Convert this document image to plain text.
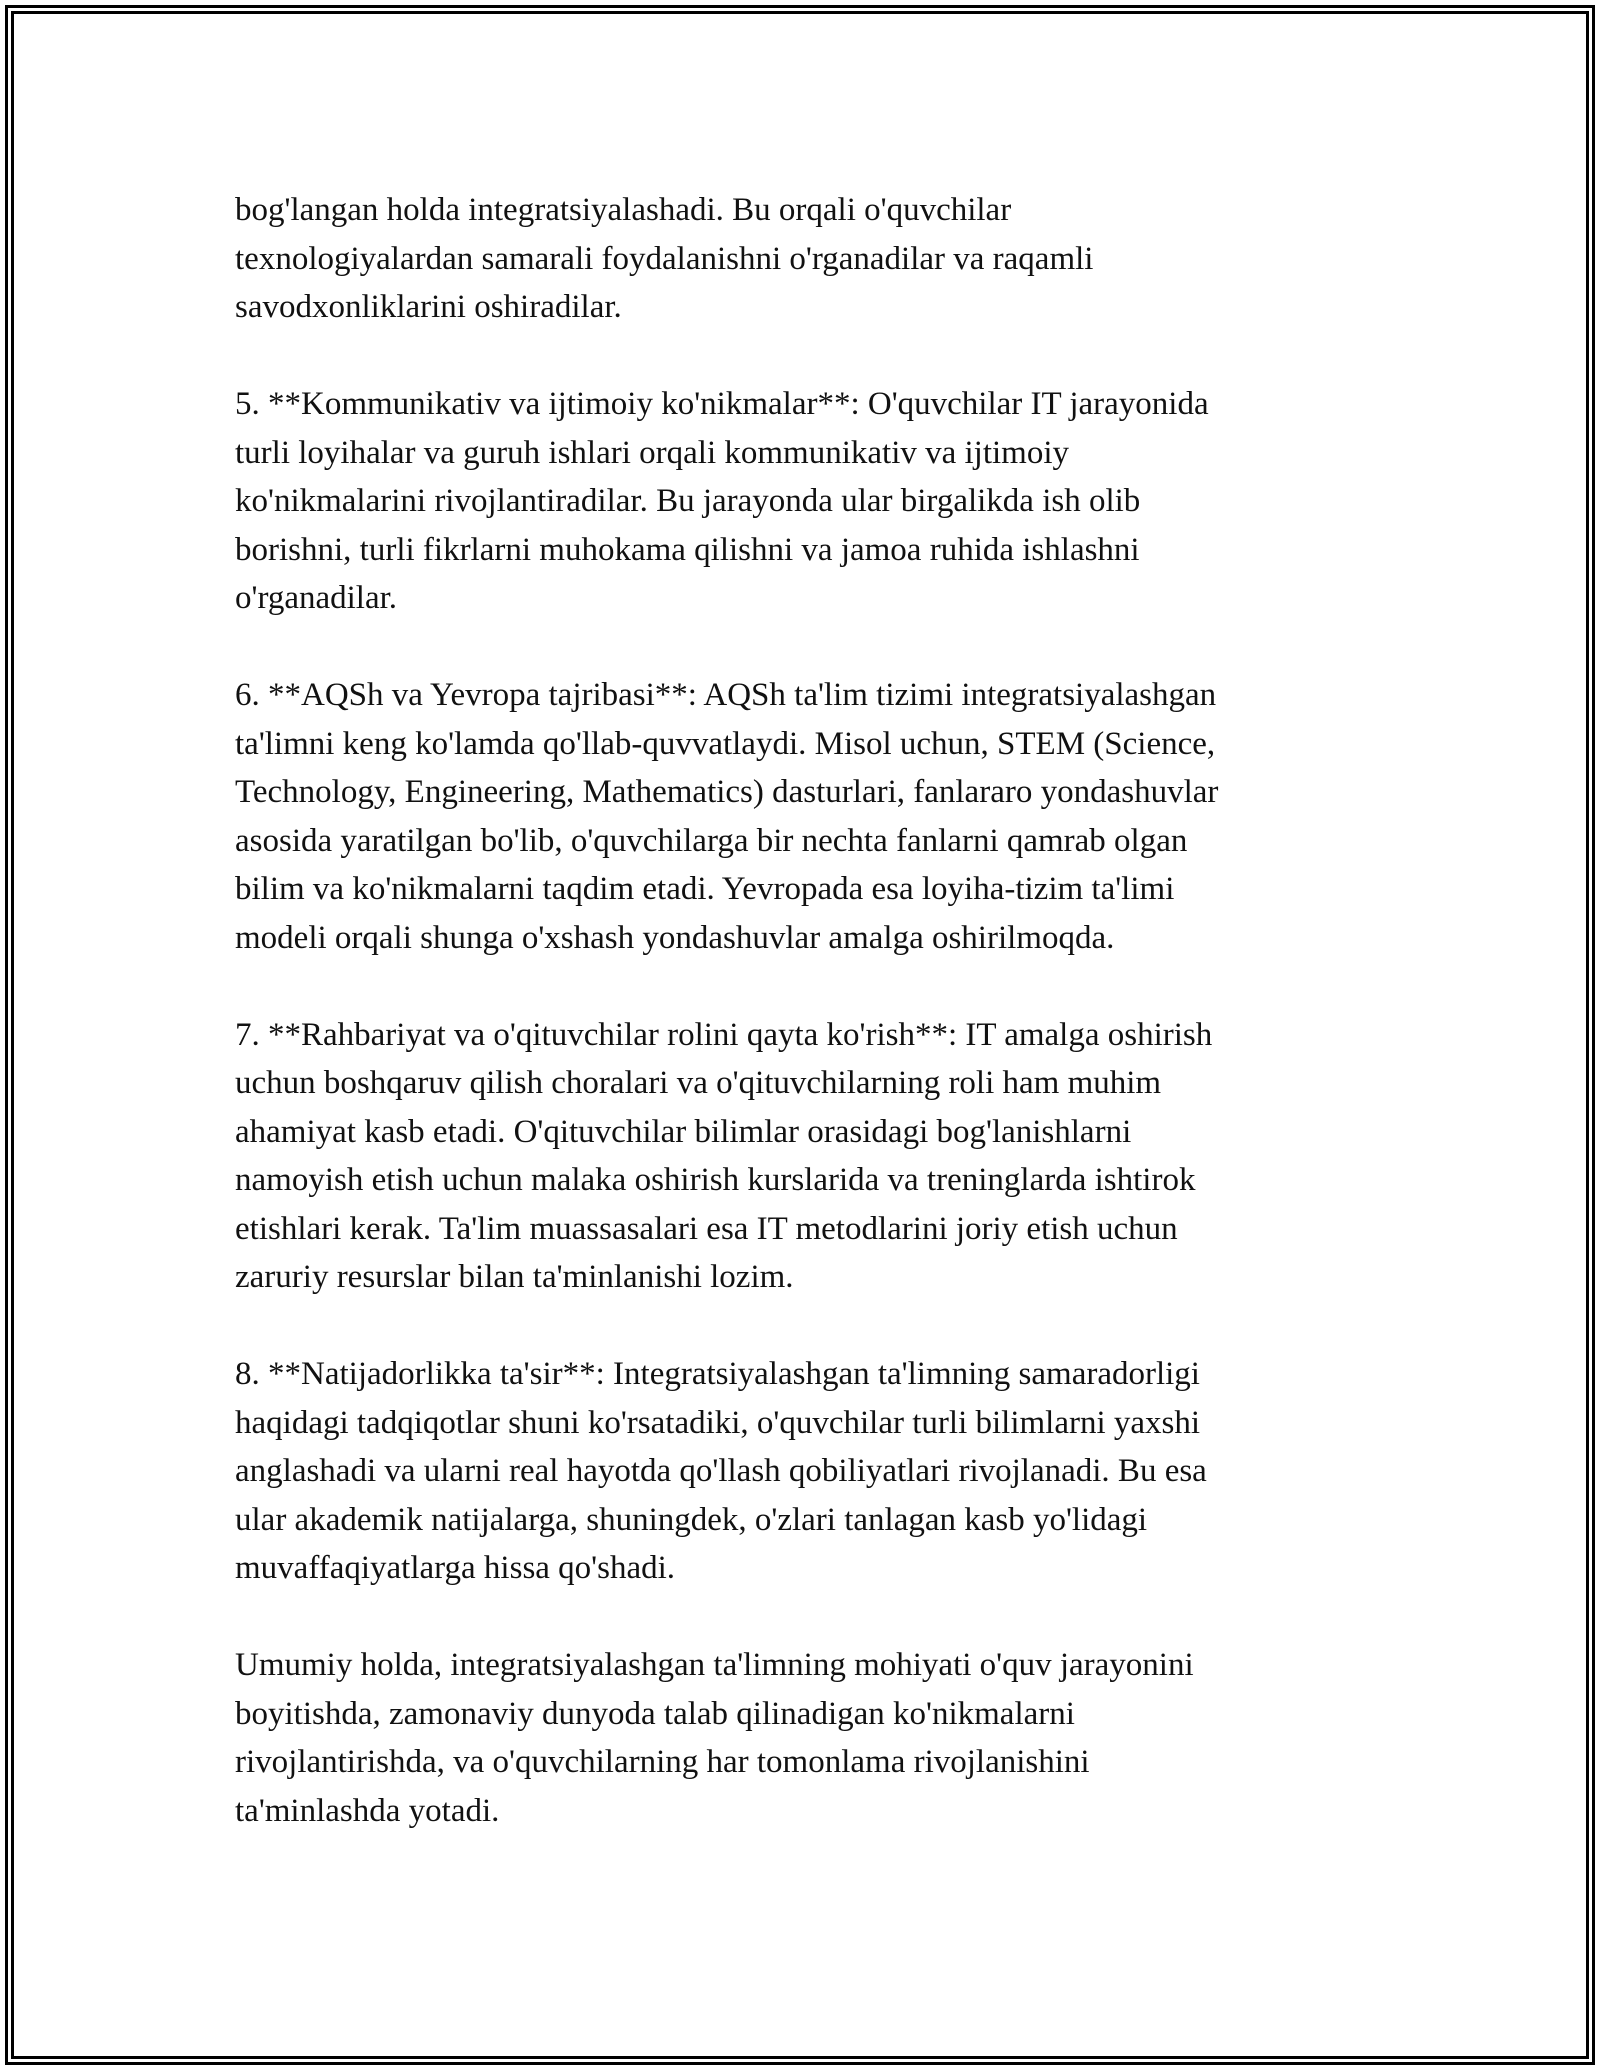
bog'langan holda integratsiyalashadi. Bu orqali o'quvchilar
texnologiyalardan samarali foydalanishni o'rganadilar va raqamli
savodxonliklarini oshiradilar.

5. **Kommunikativ va ijtimoiy ko'nikmalar**: O'quvchilar IT jarayonida
turli loyihalar va guruh ishlari orqali kommunikativ va ijtimoiy
ko'nikmalarini rivojlantiradilar. Bu jarayonda ular birgalikda ish olib
borishni, turli fikrlarni muhokama qilishni va jamoa ruhida ishlashni
o'rganadilar.

6. **AQSh va Yevropa tajribasi**: AQSh ta'lim tizimi integratsiyalashgan
ta'limni keng ko'lamda qo'llab-quvvatlaydi. Misol uchun, STEM (Science,
Technology, Engineering, Mathematics) dasturlari, fanlararo yondashuvlar
asosida yaratilgan bo'lib, o'quvchilarga bir nechta fanlarni qamrab olgan
bilim va ko'nikmalarni taqdim etadi. Yevropada esa loyiha-tizim ta'limi
modeli orqali shunga o'xshash yondashuvlar amalga oshirilmoqda.

7. **Rahbariyat va o'qituvchilar rolini qayta ko'rish**: IT amalga oshirish
uchun boshqaruv qilish choralari va o'qituvchilarning roli ham muhim
ahamiyat kasb etadi. O'qituvchilar bilimlar orasidagi bog'lanishlarni
namoyish etish uchun malaka oshirish kurslarida va treninglarda ishtirok
etishlari kerak. Ta'lim muassasalari esa IT metodlarini joriy etish uchun
zaruriy resurslar bilan ta'minlanishi lozim.

8. **Natijadorlikka ta'sir**: Integratsiyalashgan ta'limning samaradorligi
haqidagi tadqiqotlar shuni ko'rsatadiki, o'quvchilar turli bilimlarni yaxshi
anglashadi va ularni real hayotda qo'llash qobiliyatlari rivojlanadi. Bu esa
ular akademik natijalarga, shuningdek, o'zlari tanlagan kasb yo'lidagi
muvaffaqiyatlarga hissa qo'shadi.

Umumiy holda, integratsiyalashgan ta'limning mohiyati o'quv jarayonini
boyitishda, zamonaviy dunyoda talab qilinadigan ko'nikmalarni
rivojlantirishda, va o'quvchilarning har tomonlama rivojlanishini
ta'minlashda yotadi.
